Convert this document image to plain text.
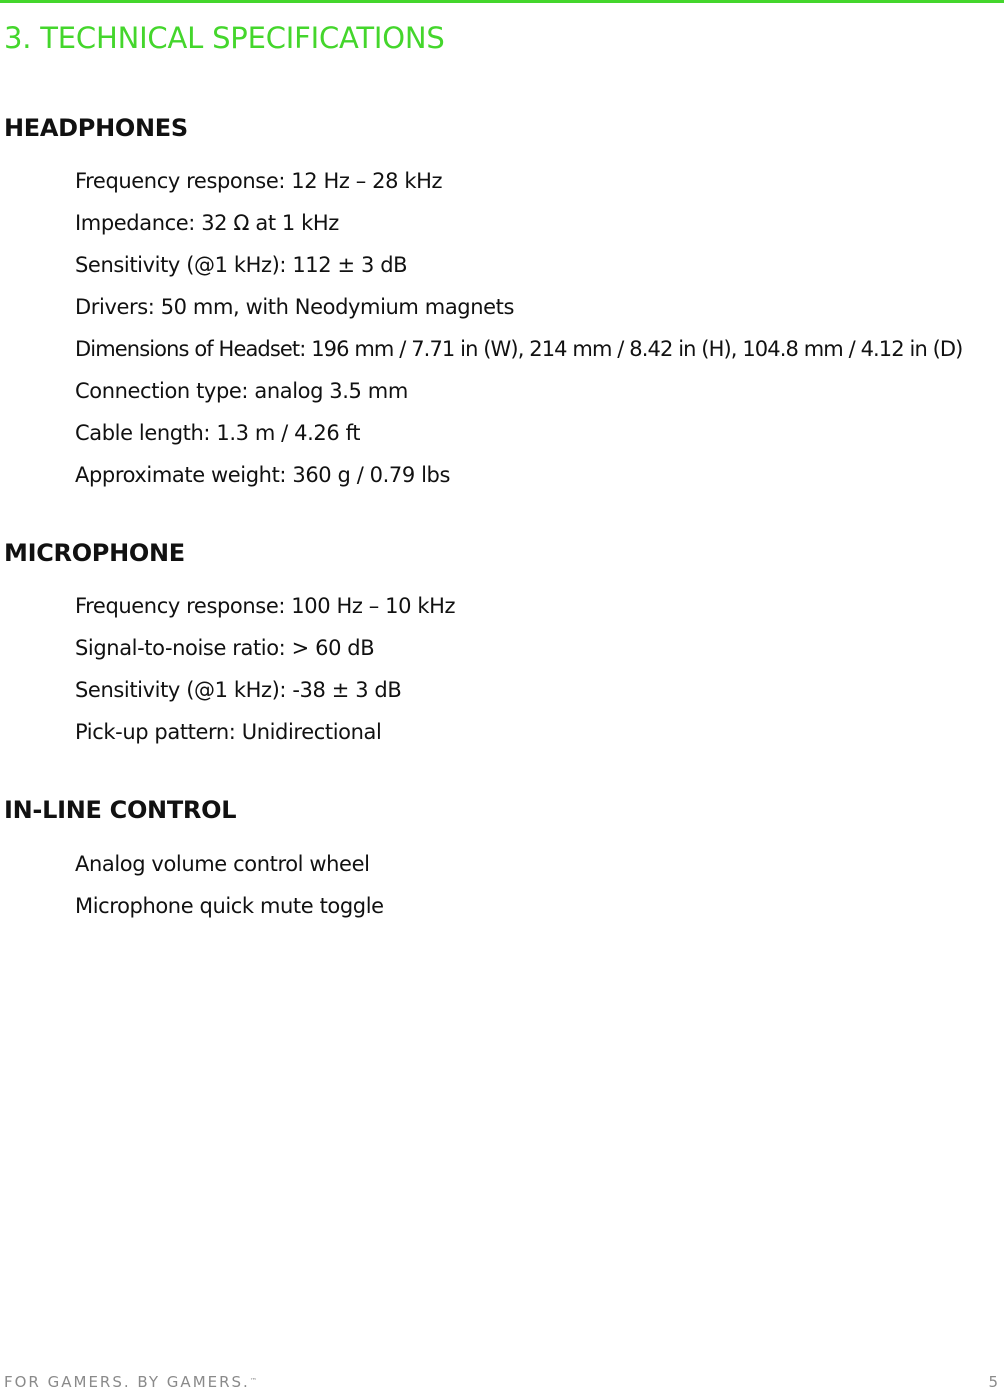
3. TECHNICAL SPECIFICATIONS
HEADPHONES
Frequency response: 12 Hz – 28 kHz
Impedance: 32 Ω at 1 kHz
Sensitivity (@1 kHz): 112 ± 3 dB
Drivers: 50 mm, with Neodymium magnets
Dimensions of Headset: 196 mm / 7.71 in (W), 214 mm / 8.42 in (H), 104.8 mm / 4.12 in (D)
Connection type: analog 3.5 mm
Cable length: 1.3 m / 4.26 ft
Approximate weight: 360 g / 0.79 lbs
MICROPHONE
Frequency response: 100 Hz – 10 kHz
Signal-to-noise ratio: > 60 dB
Sensitivity (@1 kHz): -38 ± 3 dB
Pick-up pattern: Unidirectional
IN-LINE CONTROL
Analog volume control wheel
Microphone quick mute toggle
FOR GAMERS. BY GAMERS.™	5
